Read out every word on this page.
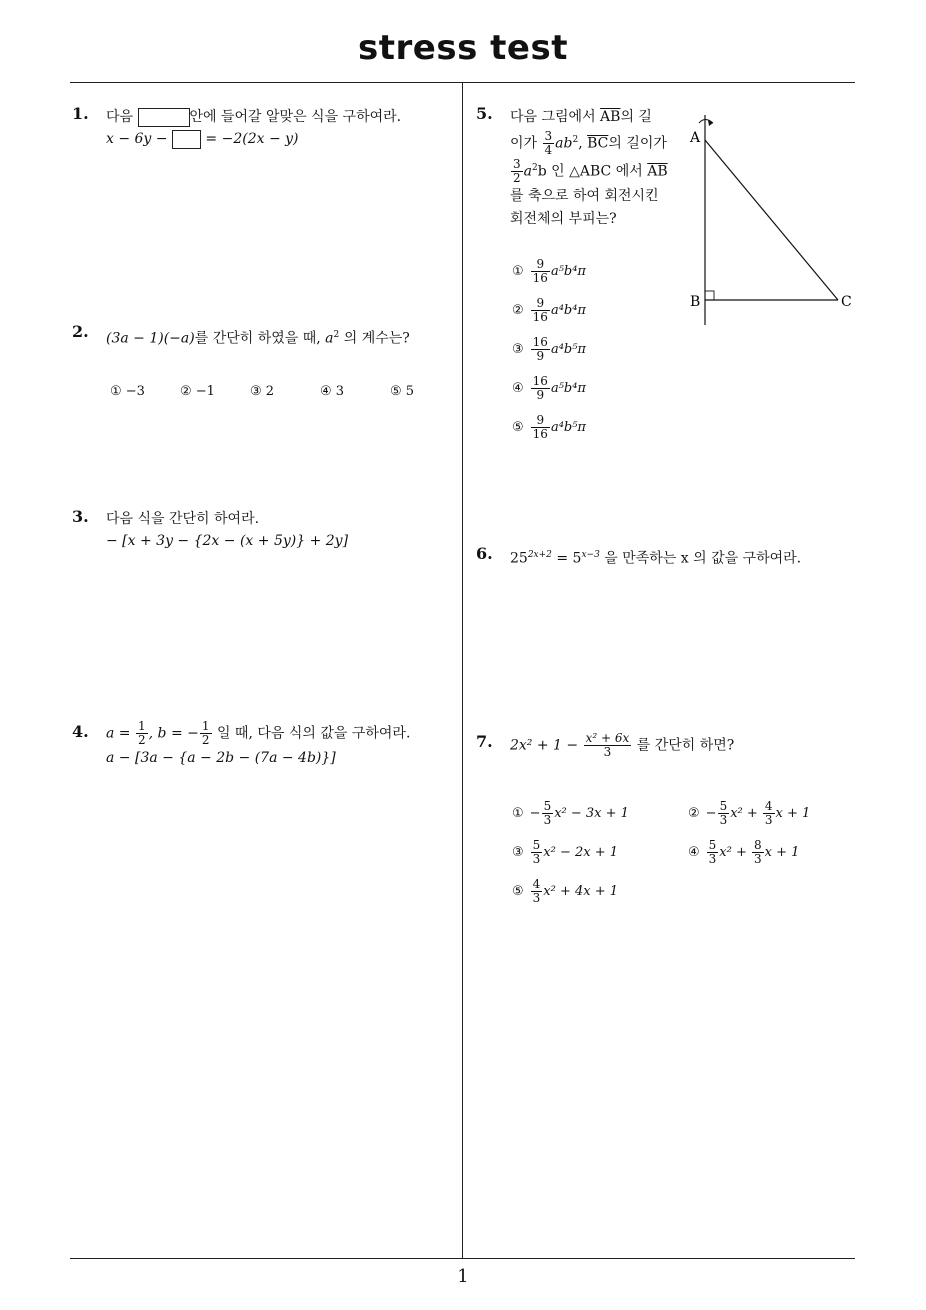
stress test
1
1. 다음	안에 들어갈 알맞은 식을 구하여라.
x − 6y −  = −2(2x − y)
2. (3a − 1)(−a)를 간단히 하였을 때, $a^2$ 의 계수는?
① −3	② −1	③ 2	④ 3	⑤ 5
3. 다음 식을 간단히 하여라.
− [x + 3y − {2x − (x + 5y)} + 2y]
4. $a = \frac{1}{2}$ , b = − $\frac{1}{2}$ 일 때, 다음 식의 값을 구하여라.
a − [3a − {a − 2b − (7a − 4b)}]
5. 다음 그림에서 $\overline{AB}$의 길
이가 $\frac{3}{4} ab^2$, $\overline{BC}$의 길이가
$\frac{3}{2} a^2b$ 인 △ABC 에서 $\overline{AB}$
를 축으로 하여 회전시킨
회전체의 부피는?
① $\frac{9}{16} a^5b^4\pi$
② $\frac{9}{16} a^4b^4\pi$
③ $\frac{16}{9} a^4b^5\pi$
④ $\frac{16}{9} a^5b^4\pi$
⑤ $\frac{9}{16} a^4b^5\pi$
A
B	C
6. $25^{2x+2} = 5^{x-3}$ 을 만족하는 x 의 값을 구하여라.
7. $2x^2 + 1 - \frac{\text{x² + 6x}}{3}$ 를 간단히 하면?
① − $\frac{5}{3} x^2 - 3x + 1$	② − $\frac{5}{3} x^2 + \frac{4}{3}$ x + 1
③ $\frac{5}{3} x^2 - 2x + 1$	④ $\frac{5}{3} x^2 + \frac{8}{3}$ x + 1
⑤ $\frac{4}{3} x^2 + 4x + 1$
